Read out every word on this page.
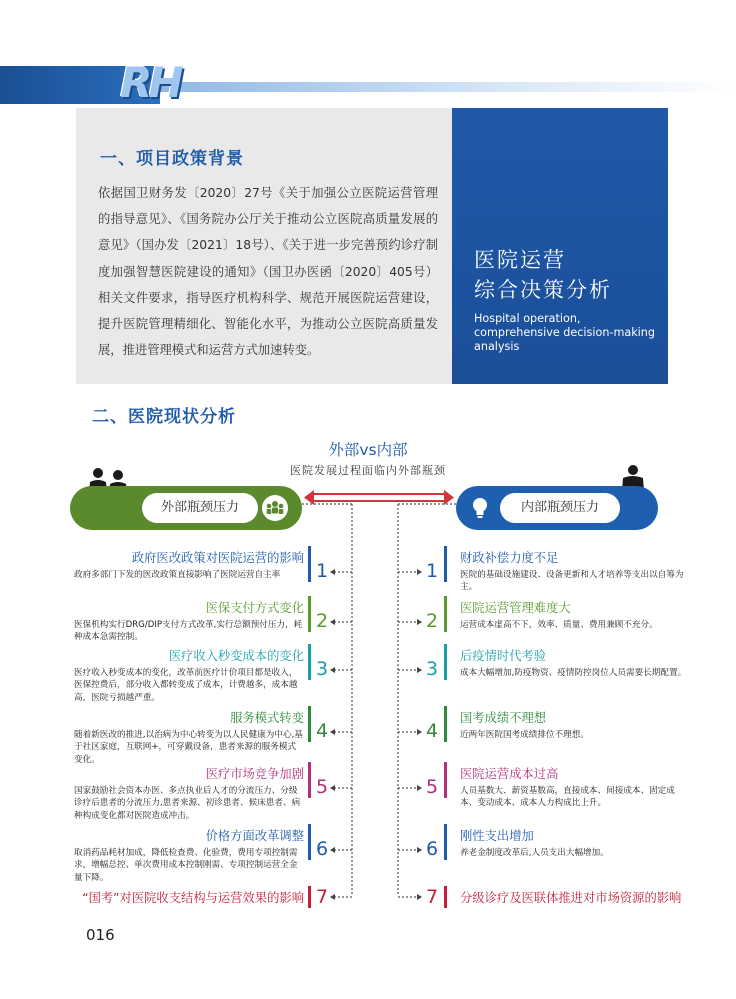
RH
一、项目政策背景
依据国卫财务发〔2020〕27号《关于加强公立医院运营管理的指导意见》、《国务院办公厅关于推动公立医院高质量发展的意见》（国办发〔2021〕18号）、《关于进一步完善预约诊疗制度加强智慧医院建设的通知》（国卫办医函〔2020〕405号）相关文件要求，指导医疗机构科学、规范开展医院运营建设，提升医院管理精细化、智能化水平，为推动公立医院高质量发展，推进管理模式和运营方式加速转变。
医院运营
综合决策分析
Hospital operation, comprehensive decision-making analysis
二、医院现状分析
外部vs内部
医院发展过程面临内外部瓶颈
外部瓶颈压力	内部瓶颈压力
016
政府医改政策对医院运营的影响
政府多部门下发的医改政策直接影响了医院运营自主率	1
医保支付方式变化
医保机构实行DRG/DIP支付方式改革,实行总额预付压力，耗种成本急需控制。
2
医疗收入秒变成本的变化
医疗收入秒变成本的变化，改革前医疗计价项目都是收入，医保控费后，部分收入都转变成了成本，计费越多，成本越高，医院亏损越严重。
3
服务模式转变
随着新医改的推进,以治病为中心转变为以人民健康为中心,基于社区家庭，互联网+，可穿戴设备，患者来源的服务模式变化。
4
医疗市场竞争加剧
国家鼓励社会资本办医、多点执业后人才的分流压力、分级诊疗后患者的分流压力,患者来源、初诊患者、候床患者、病种构成变化都对医院造成冲击。
5
价格方面改革调整
取消药品耗材加成，降低检查费、化验费，费用专项控制需求，增幅总控、单次费用成本控制刚需、专项控制运营全金量下降。
6
“国考”对医院收支结构与运营效果的影响 7
财政补偿力度不足
医院的基础设施建设、设备更新和人才培养等支出以自筹为主。
1
医院运营管理难度大
运营成本虚高不下，效率、质量、费用兼顾不充分。
2
后疫情时代考验
成本大幅增加,防疫物资、疫情防控岗位人员需要长期配置。
3
国考成绩不理想
近两年医院国考成绩排位不理想。
4
医院运营成本过高
人员基数大、薪资基数高，直接成本、间接成本、固定成本、变动成本、成本人力构成比上升。
5
刚性支出增加
养老金制度改革后,人员支出大幅增加。
6
分级诊疗及医联体推进对市场资源的影响
7
